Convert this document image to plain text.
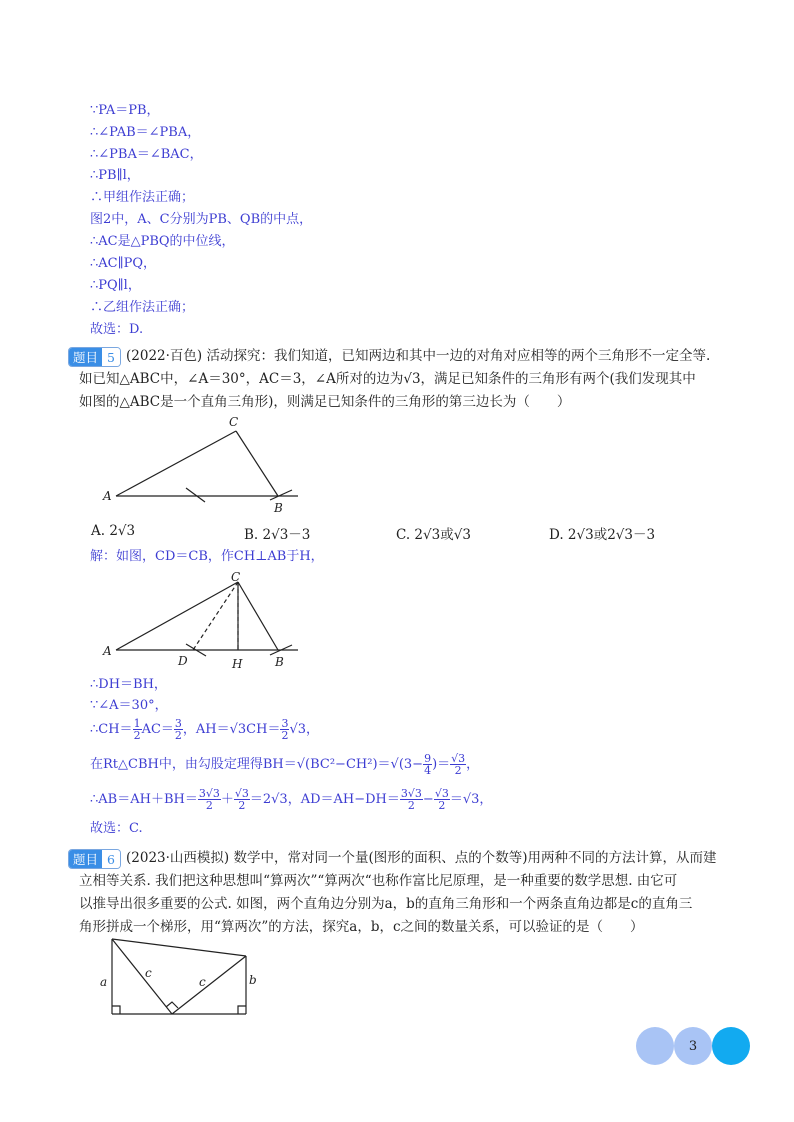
∵PA＝PB，
∴∠PAB＝∠PBA，
∴∠PBA＝∠BAC，
∴PB∥l，
∴甲组作法正确；
图2中，A、C分别为PB、QB的中点，
∴AC是△PBQ的中位线，
∴AC∥PQ，
∴PQ∥l，
∴乙组作法正确；
故选：D.
题目 5 (2022·百色) 活动探究：我们知道，已知两边和其中一边的对角对应相等的两个三角形不一定全等.
如已知△ABC中，∠A＝30°，AC＝3，∠A所对的边为√3，满足已知条件的三角形有两个(我们发现其中
如图的△ABC是一个直角三角形)，则满足已知条件的三角形的第三边长为（　　）
C
A
B
A. 2√3	B. 2√3－3	C. 2√3或√3	D. 2√3或2√3－3
解：如图，CD＝CB，作CH⊥AB于H，
C
A
D	H	B
∴DH＝BH，
∵∠A＝30°，
∴CH＝ $\frac{1}{2} AC= \frac{3}{2}$ ，$AH=√3CH= \frac{3}{2} √3$，
在Rt△CBH中，由勾股定理得$BH=√(BC^2-CH^2)=√(3- \frac{9}{4}$ )＝ $\frac{√3}{2}$ ，
∴AB＝AH＋BH＝ $\frac{3√3}{2} + \frac{√3}{2} =2√3$，$AD=AH-DH= \frac{3√3}{2} - \frac{√3}{2} =√3$，
故选：C.
题目 6 (2023·山西模拟) 数学中，常对同一个量(图形的面积、点的个数等)用两种不同的方法计算，从而建
立相等关系. 我们把这种思想叫“算两次”“算两次“也称作富比尼原理，是一种重要的数学思想. 由它可
以推导出很多重要的公式. 如图，两个直角边分别为a，b的直角三角形和一个两条直角边都是c的直角三
角形拼成一个梯形，用“算两次”的方法，探究a，b，c之间的数量关系，可以验证的是（　　）
a
c
c	b
3
